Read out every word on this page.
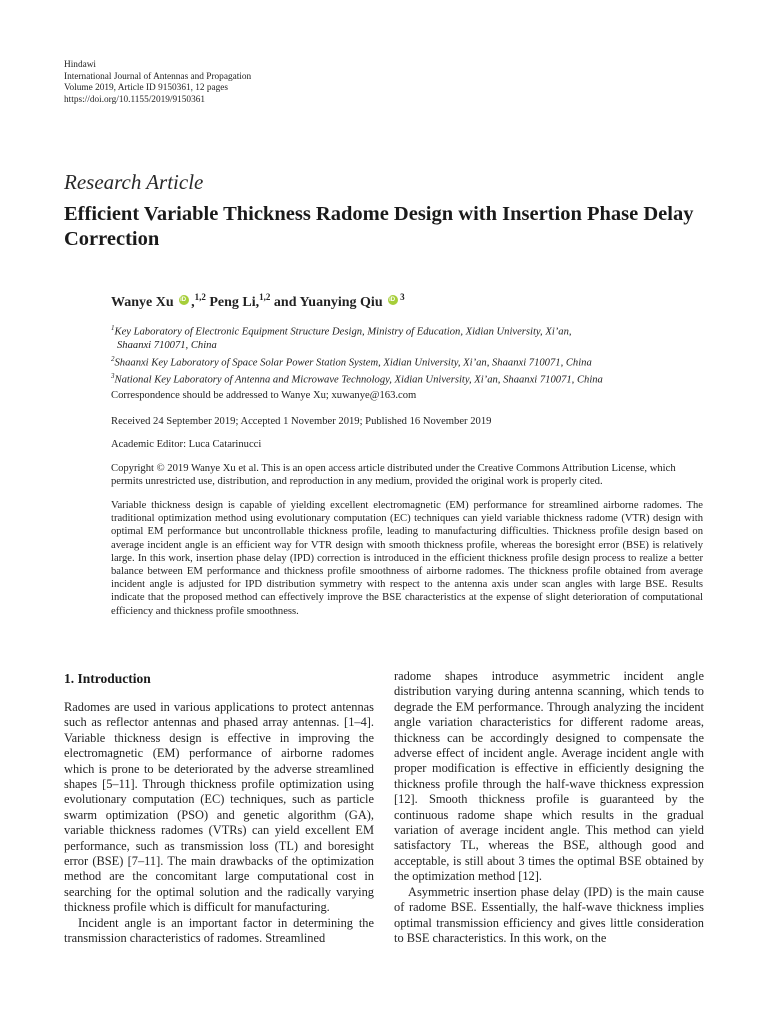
Hindawi
International Journal of Antennas and Propagation
Volume 2019, Article ID 9150361, 12 pages
https://doi.org/10.1155/2019/9150361
Research Article
Efficient Variable Thickness Radome Design with Insertion Phase Delay Correction
Wanye Xu iD ,$^{1,2}$ Peng Li,$^{1,2}$ and Yuanying Qiu iD $^3$
$^1$Key Laboratory of Electronic Equipment Structure Design, Ministry of Education, Xidian University, Xi’an,
Shaanxi 710071, China
$^2$Shaanxi Key Laboratory of Space Solar Power Station System, Xidian University, Xi’an, Shaanxi 710071, China
$^3$National Key Laboratory of Antenna and Microwave Technology, Xidian University, Xi’an, Shaanxi 710071, China
Correspondence should be addressed to Wanye Xu; xuwanye@163.com
Received 24 September 2019; Accepted 1 November 2019; Published 16 November 2019
Academic Editor: Luca Catarinucci
Copyright © 2019 Wanye Xu et al. This is an open access article distributed under the Creative Commons Attribution License, which permits unrestricted use, distribution, and reproduction in any medium, provided the original work is properly cited.
Variable thickness design is capable of yielding excellent electromagnetic (EM) performance for streamlined airborne radomes. The traditional optimization method using evolutionary computation (EC) techniques can yield variable thickness radome (VTR) design with optimal EM performance but uncontrollable thickness profile, leading to manufacturing difficulties. Thickness profile design based on average incident angle is an efficient way for VTR design with smooth thickness profile, whereas the boresight error (BSE) is relatively large. In this work, insertion phase delay (IPD) correction is introduced in the efficient thickness profile design process to realize a better balance between EM performance and thickness profile smoothness of airborne radomes. The thickness profile obtained from average incident angle is adjusted for IPD distribution symmetry with respect to the antenna axis under scan angles with large BSE. Results indicate that the proposed method can effectively improve the BSE characteristics at the expense of slight deterioration of computational efficiency and thickness profile smoothness.
1. Introduction

Radomes are used in various applications to protect antennas such as reflector antennas and phased array antennas. [1–4]. Variable thickness design is effective in improving the electromagnetic (EM) performance of airborne radomes which is prone to be deteriorated by the adverse streamlined shapes [5–11]. Through thickness profile optimization using evolutionary computation (EC) techniques, such as particle swarm optimization (PSO) and genetic algorithm (GA), variable thickness radomes (VTRs) can yield excellent EM performance, such as transmission loss (TL) and boresight error (BSE) [7–11]. The main drawbacks of the optimization method are the concomitant large computational cost in searching for the optimal solution and the radically varying thickness profile which is difficult for manufacturing.

Incident angle is an important factor in determining the transmission characteristics of radomes. Streamlined

radome shapes introduce asymmetric incident angle distribution varying during antenna scanning, which tends to degrade the EM performance. Through analyzing the incident angle variation characteristics for different radome areas, thickness can be accordingly designed to compensate the adverse effect of incident angle. Average incident angle with proper modification is effective in efficiently designing the thickness profile through the half-wave thickness expression [12]. Smooth thickness profile is guaranteed by the continuous radome shape which results in the gradual variation of average incident angle. This method can yield satisfactory TL, whereas the BSE, although good and acceptable, is still about 3 times the optimal BSE obtained by the optimization method [12].

Asymmetric insertion phase delay (IPD) is the main cause of radome BSE. Essentially, the half-wave thickness implies optimal transmission efficiency and gives little consideration to BSE characteristics. In this work, on the
